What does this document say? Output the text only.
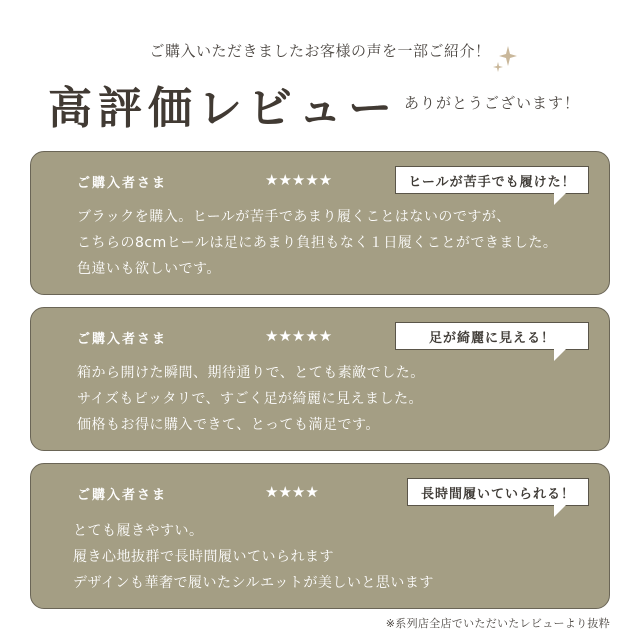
ご購入いただきましたお客様の声を一部ご紹介！
高評価レビュー ありがとうございます！
ご購入者さま	★★★★★	ヒールが苦手でも履けた！
ブラックを購入。ヒールが苦手であまり履くことはないのですが、
こちらの8cmヒールは足にあまり負担もなく１日履くことができました。
色違いも欲しいです。
ご購入者さま	★★★★★	足が綺麗に見える！
箱から開けた瞬間、期待通りで、とても素敵でした。
サイズもピッタリで、すごく足が綺麗に見えました。
価格もお得に購入できて、とっても満足です。
ご購入者さま	★★★★	長時間履いていられる！
とても履きやすい。
履き心地抜群で長時間履いていられます
デザインも華奢で履いたシルエットが美しいと思います
※系列店全店でいただいたレビューより抜粋
